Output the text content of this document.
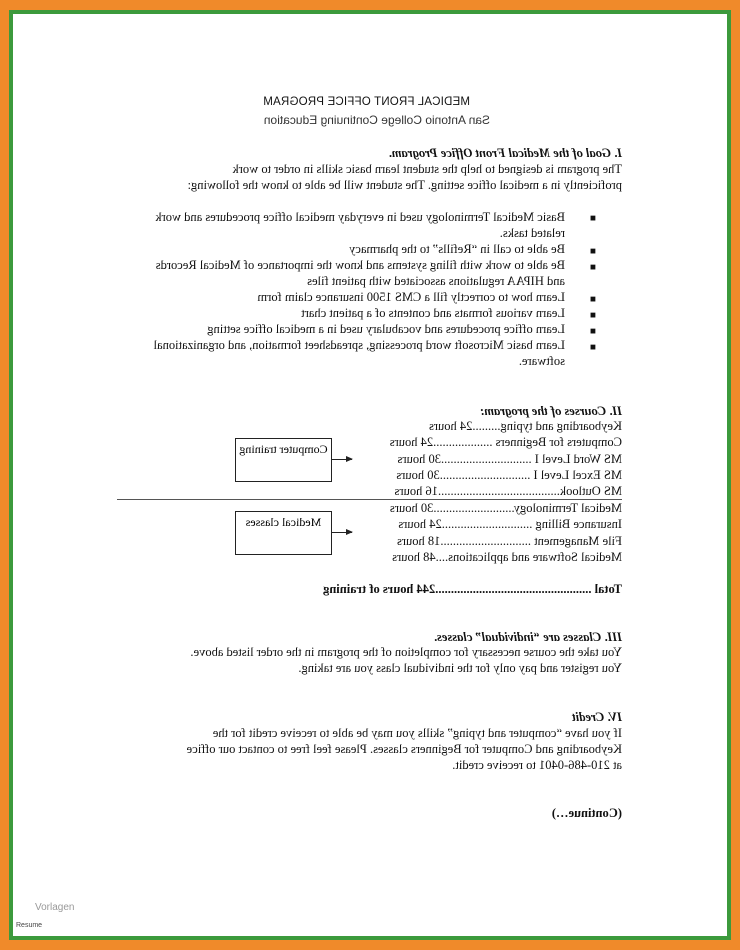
MEDICAL FRONT OFFICE PROGRAM
San Antonio College Continuing Education
I. Goal of the Medical Front Office Program.
The program is designed to help the student learn basic skills in order to work
proficiently in a medical office setting. The student will be able to know the following:
■
Basic Medical Terminology used in everyday medical office procedures and work
related tasks.
■
Be able to call in “Refills” to the pharmacy
■
Be able to work with filing systems and know the importance of Medical Records
and HIPAA regulations associated with patient files
■
Learn how to correctly fill a CMS 1500 insurance claim form
■
Learn various formats and contents of a patient chart
■
Learn office procedures and vocabulary used in a medical office setting
■
Learn basic Microsoft word processing, spreadsheet formation, and organizational
software.
II. Courses of the program:
Keyboarding and typing.........24 hours
Computers for Beginners ...................24 hours
MS Word Level I .............................30 hours
MS Excel Level I .............................30 hours
MS Outlook.......................................16 hours
Medical Terminology..........................30 hours
Insurance Billing .............................24 hours
File Management .............................18 hours
Medical Software and applications....48 hours
Computer training
Medical classes
Total ..................................................244 hours of training
III. Classes are “individual” classes.
You take the course necessary for completion of the program in the order listed above.
You register and pay only for the individual class you are taking.
IV. Credit
If you have “computer and typing” skills you may be able to receive credit for the
Keyboarding and Computer for Beginners classes. Please feel free to contact our office
at 210-486-0401 to receive credit.
(Continue…)
Vorlagen
Resume
